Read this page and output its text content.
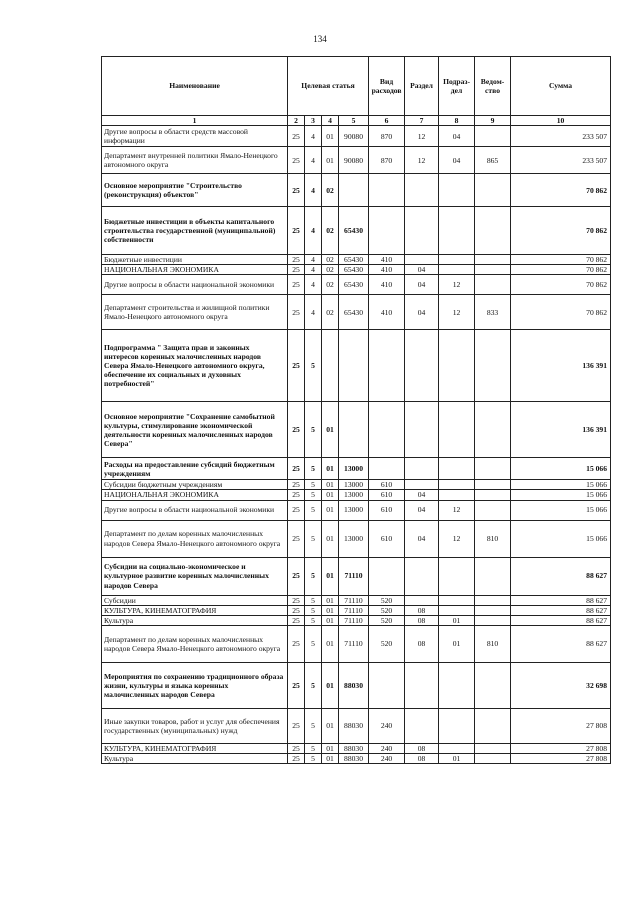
134
Наименование	Целевая статья				Вид расходов	Раздел	Подраз-дел	Ведом-ство	Сумма
1	2	3	4	5	6	7	8	9	10
Другие вопросы в области средств массовой информации	25	4	01	90080	870	12	04		233 507
Департамент внутренней политики Ямало-Ненецкого автономного округа	25	4	01	90080	870	12	04	865	233 507
Основное мероприятие "Строительство (реконструкция) объектов"	25	4	02						70 862
Бюджетные инвестиции в объекты капитального строительства государственной (муниципальной) собственности	25	4	02	65430					70 862
Бюджетные инвестиции	25	4	02	65430	410				70 862
НАЦИОНАЛЬНАЯ ЭКОНОМИКА	25	4	02	65430	410	04			70 862
Другие вопросы в области национальной экономики	25	4	02	65430	410	04	12		70 862
Департамент строительства и жилищной политики Ямало-Ненецкого автономного округа	25	4	02	65430	410	04	12	833	70 862
Подпрограмма " Защита прав и законных интересов коренных малочисленных народов Севера Ямало-Ненецкого автономного округа, обеспечение их социальных и духовных потребностей"	25	5							136 391
Основное мероприятие "Сохранение самобытной культуры, стимулирование экономической деятельности коренных малочисленных народов Севера"	25	5	01						136 391
Расходы на предоставление субсидий бюджетным учреждениям	25	5	01	13000					15 066
Субсидии бюджетным учреждениям	25	5	01	13000	610				15 066
НАЦИОНАЛЬНАЯ ЭКОНОМИКА	25	5	01	13000	610	04			15 066
Другие вопросы в области национальной экономики	25	5	01	13000	610	04	12		15 066
Департамент по делам коренных малочисленных народов Севера Ямало-Ненецкого автономного округа	25	5	01	13000	610	04	12	810	15 066
Субсидии на социально-экономическое и культурное развитие коренных малочисленных народов Севера	25	5	01	71110					88 627
Субсидии	25	5	01	71110	520				88 627
КУЛЬТУРА, КИНЕМАТОГРАФИЯ	25	5	01	71110	520	08			88 627
Культура	25	5	01	71110	520	08	01		88 627
Департамент по делам коренных малочисленных народов Севера Ямало-Ненецкого автономного округа	25	5	01	71110	520	08	01	810	88 627
Мероприятия по сохранению традиционного образа жизни, культуры и языка коренных малочисленных народов Севера	25	5	01	88030					32 698
Иные закупки товаров, работ и услуг для обеспечения государственных (муниципальных) нужд	25	5	01	88030	240				27 808
КУЛЬТУРА, КИНЕМАТОГРАФИЯ	25	5	01	88030	240	08			27 808
Культура	25	5	01	88030	240	08	01		27 808
